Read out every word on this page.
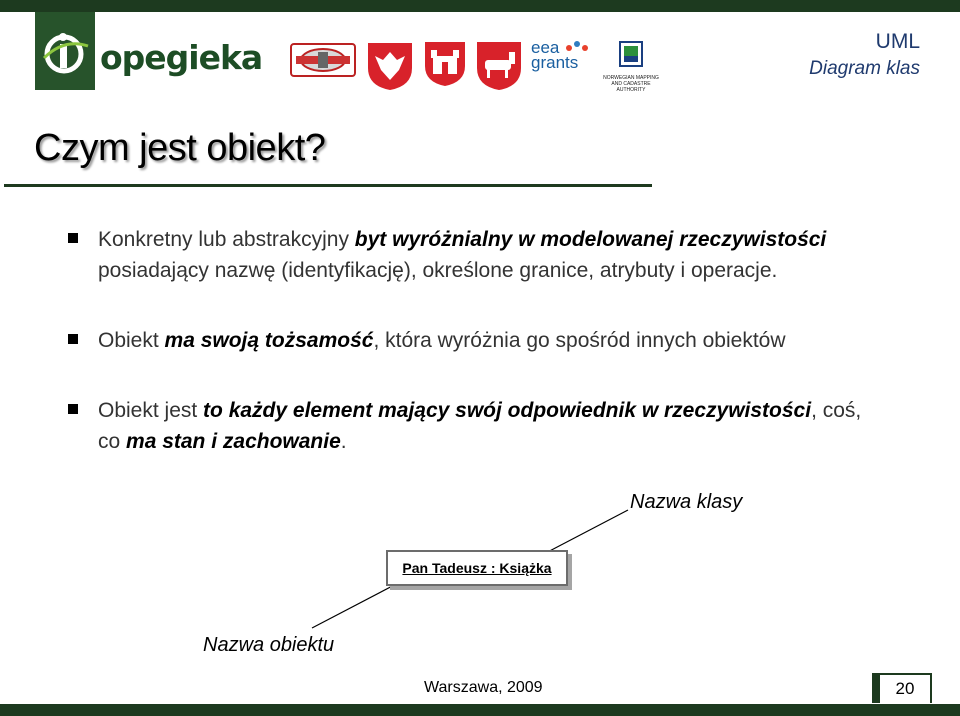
opegieka	eea
grants
NORWEGIAN MAPPING AND CADASTRE AUTHORITY
UML
Diagram klas
Czym jest obiekt?
Konkretny lub abstrakcyjny byt wyróżnialny w modelowanej rzeczywistości posiadający nazwę (identyfikację), określone granice, atrybuty i operacje.
Obiekt ma swoją tożsamość, która wyróżnia go spośród innych obiektów
Obiekt jest to każdy element mający swój odpowiednik w rzeczywistości, coś, co ma stan i zachowanie.
Nazwa klasy
Pan Tadeusz : Książka
Nazwa obiektu
Warszawa, 2009	20
